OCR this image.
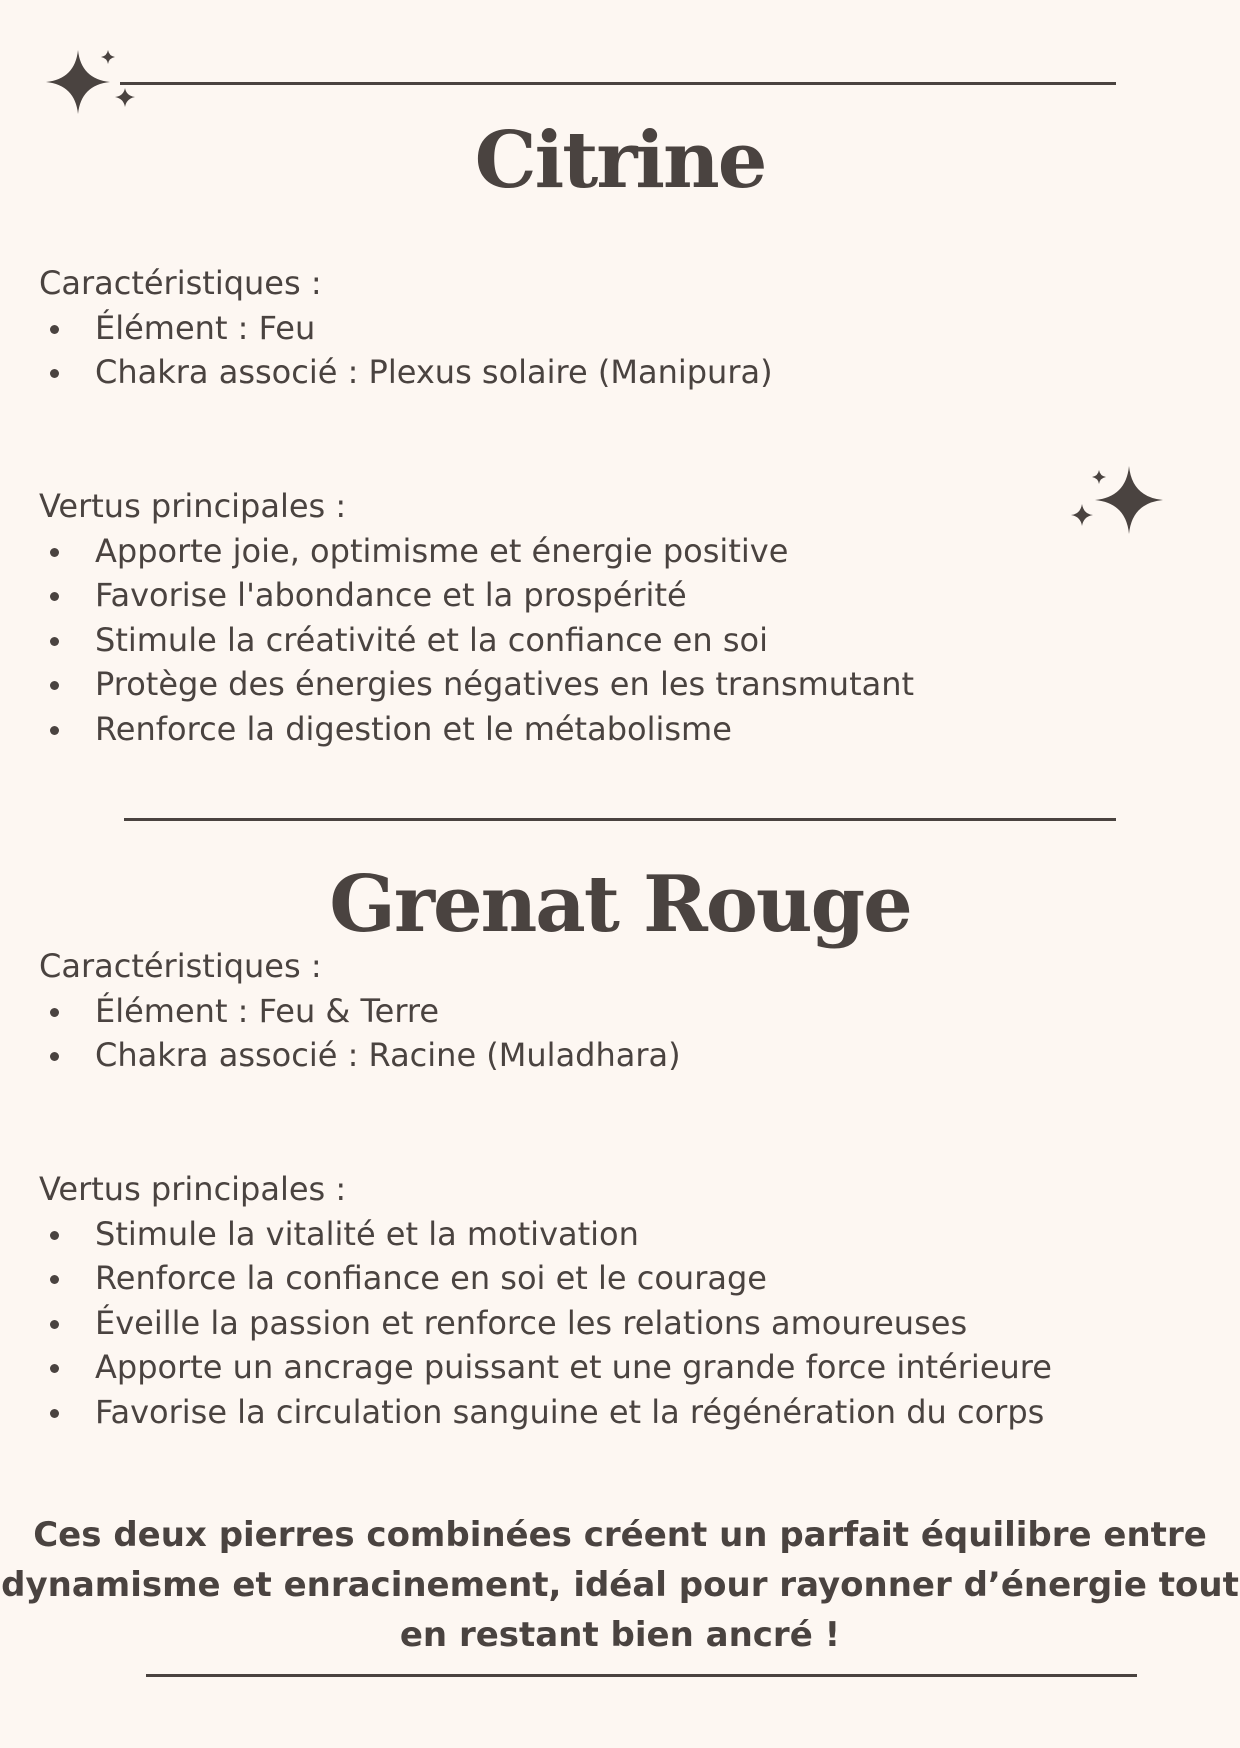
Citrine
Caractéristiques :
Élément : Feu
Chakra associé : Plexus solaire (Manipura)
Vertus principales :
Apporte joie, optimisme et énergie positive
Favorise l'abondance et la prospérité
Stimule la créativité et la confiance en soi
Protège des énergies négatives en les transmutant
Renforce la digestion et le métabolisme
Grenat Rouge
Caractéristiques :
Élément : Feu & Terre
Chakra associé : Racine (Muladhara)
Vertus principales :
Stimule la vitalité et la motivation
Renforce la confiance en soi et le courage
Éveille la passion et renforce les relations amoureuses
Apporte un ancrage puissant et une grande force intérieure
Favorise la circulation sanguine et la régénération du corps
Ces deux pierres combinées créent un parfait équilibre entre
dynamisme et enracinement, idéal pour rayonner d’énergie tout
en restant bien ancré !
